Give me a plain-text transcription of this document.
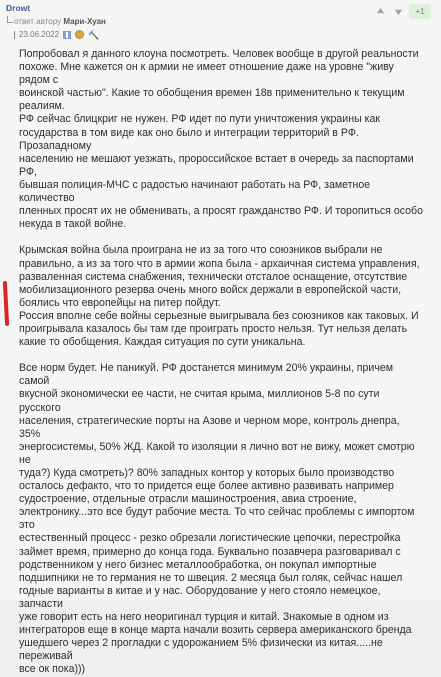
Drowt
ответ автору Мари-Хуан
23.06.2022	🔨
+1

Попробовал я данного клоуна посмотреть. Человек вообще в другой реальности
похоже. Мне кажется он к армии не имеет отношение даже на уровне "живу рядом с
воинской частью". Какие то обобщения времен 18в применительно к текущим
реалиям.
РФ сейчас блицкриг не нужен. РФ идет по пути уничтожения украины как
государства в том виде как оно было и интеграции территорий в РФ. Прозападному
населению не мешают уезжать, пророссийское встает в очередь за паспортами РФ,
бывшая полиция-МЧС с радостью начинают работать на РФ, заметное количество
пленных просят их не обменивать, а просят гражданство РФ. И торопиться особо
некуда в такой войне.

Крымская война была проиграна не из за того что союзников выбрали не
правильно, а из за того что в армии жопа была - архаичная система управления,
разваленная система снабжения, технически отсталое оснащение, отсутствие
мобилизационного резерва очень много войск держали в европейской части,
боялись что европейцы на питер пойдут.
Россия вполне себе войны серьезные выигрывала без союзников как таковых. И
проигрывала казалось бы там где проиграть просто нельзя. Тут нельзя делать
какие то обобщения. Каждая ситуация по сути уникальна.

Все норм будет. Не паникуй. РФ достанется минимум 20% украины, причем самой
вкусной экономически ее части, не считая крыма, миллионов 5-8 по сути русского
населения, стратегические порты на Азове и черном море, контроль днепра, 35%
энергосистемы, 50% ЖД. Какой то изоляции я лично вот не вижу, может смотрю не
туда?) Куда смотреть)? 80% западных контор у которых было производство
осталось дефакто, что то придется еще более активно развивать например
судостроение, отдельные отрасли машиностроения, авиа строение,
электронику...это все будут рабочие места. То что сейчас проблемы с импортом это
естественный процесс - резко обрезали логистические цепочки, перестройка
займет время, примерно до конца года. Буквально позавчера разговаривал с
родственником у него бизнес металлообработка, он покупал импортные
подшипники не то германия не то швеция. 2 месяца был голяк, сейчас нашел
годные варианты в китае и у нас. Оборудование у него стояло немецкое, запчасти
уже говорит есть на него неоригинал турция и китай. Знакомые в одном из
интеграторов еще в конце марта начали возить сервера американского бренда
ушедшего через 2 прогладки с удорожанием 5% физически из китая.....не переживай
все ок пока)))
